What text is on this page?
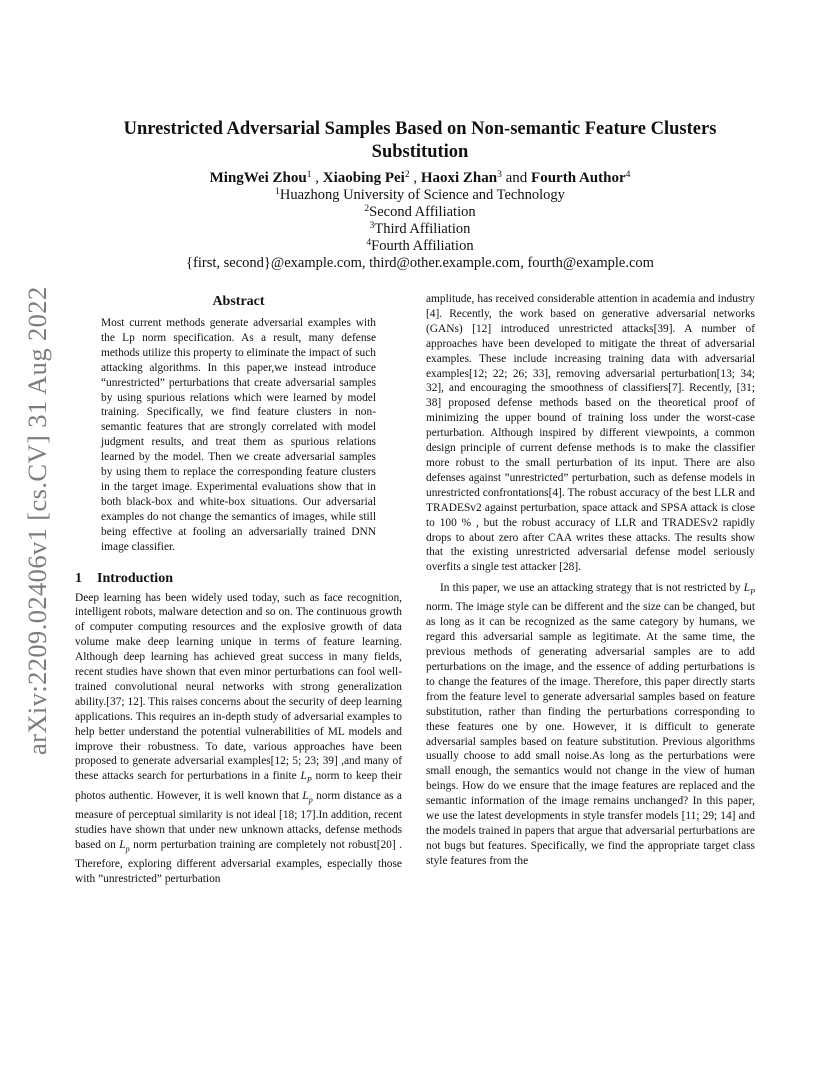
arXiv:2209.02406v1 [cs.CV] 31 Aug 2022
Unrestricted Adversarial Samples Based on Non-semantic Feature Clusters Substitution
MingWei Zhou$^1$ , Xiaobing Pei$^2$ , Haoxi Zhan$^3$ and Fourth Author$^4$
$^1$Huazhong University of Science and Technology
$^2$Second Affiliation
$^3$Third Affiliation
$^4$Fourth Affiliation
{first, second}@example.com, third@other.example.com, fourth@example.com
Abstract

Most current methods generate adversarial examples with the Lp norm specification. As a result, many defense methods utilize this property to eliminate the impact of such attacking algorithms. In this paper,we instead introduce “unrestricted” perturbations that create adversarial samples by using spurious relations which were learned by model training. Specifically, we find feature clusters in non-semantic features that are strongly correlated with model judgment results, and treat them as spurious relations learned by the model. Then we create adversarial samples by using them to replace the corresponding feature clusters in the target image. Experimental evaluations show that in both black-box and white-box situations. Our adversarial examples do not change the semantics of images, while still being effective at fooling an adversarially trained DNN image classifier.

1 Introduction

Deep learning has been widely used today, such as face recognition, intelligent robots, malware detection and so on. The continuous growth of computer computing resources and the explosive growth of data volume make deep learning unique in terms of feature learning. Although deep learning has achieved great success in many fields, recent studies have shown that even minor perturbations can fool well-trained convolutional neural networks with strong generalization ability.[37; 12]. This raises concerns about the security of deep learning applications. This requires an in-depth study of adversarial examples to help better understand the potential vulnerabilities of ML models and improve their robustness. To date, various approaches have been proposed to generate adversarial examples[12; 5; 23; 39] ,and many of these attacks search for perturbations in a finite $L_P$ norm to keep their photos authentic. However, it is well known that $L_p$ norm distance as a measure of perceptual similarity is not ideal [18; 17].In addition, recent studies have shown that under new unknown attacks, defense methods based on $L_p$ norm perturbation training are completely not robust[20] . Therefore, exploring different adversarial examples, especially those with ”unrestricted” perturbation

amplitude, has received considerable attention in academia and industry [4]. Recently, the work based on generative adversarial networks (GANs) [12] introduced unrestricted attacks[39]. A number of approaches have been developed to mitigate the threat of adversarial examples. These include increasing training data with adversarial examples[12; 22; 26; 33], removing adversarial perturbation[13; 34; 32], and encouraging the smoothness of classifiers[7]. Recently, [31; 38] proposed defense methods based on the theoretical proof of minimizing the upper bound of training loss under the worst-case perturbation. Although inspired by different viewpoints, a common design principle of current defense methods is to make the classifier more robust to the small perturbation of its input. There are also defenses against ”unrestricted” perturbation, such as defense models in unrestricted confrontations[4]. The robust accuracy of the best LLR and TRADESv2 against perturbation, space attack and SPSA attack is close to 100 % , but the robust accuracy of LLR and TRADESv2 rapidly drops to about zero after CAA writes these attacks. The results show that the existing unrestricted adversarial defense model seriously overfits a single test attacker [28].

In this paper, we use an attacking strategy that is not restricted by $L_P$ norm. The image style can be different and the size can be changed, but as long as it can be recognized as the same category by humans, we regard this adversarial sample as legitimate. At the same time, the previous methods of generating adversarial samples are to add perturbations on the image, and the essence of adding perturbations is to change the features of the image. Therefore, this paper directly starts from the feature level to generate adversarial samples based on feature substitution, rather than finding the perturbations corresponding to these features one by one. However, it is difficult to generate adversarial samples based on feature substitution. Previous algorithms usually choose to add small noise.As long as the perturbations were small enough, the semantics would not change in the view of human beings. How do we ensure that the image features are replaced and the semantic information of the image remains unchanged? In this paper, we use the latest developments in style transfer models [11; 29; 14] and the models trained in papers that argue that adversarial perturbations are not bugs but features. Specifically, we find the appropriate target class style features from the
